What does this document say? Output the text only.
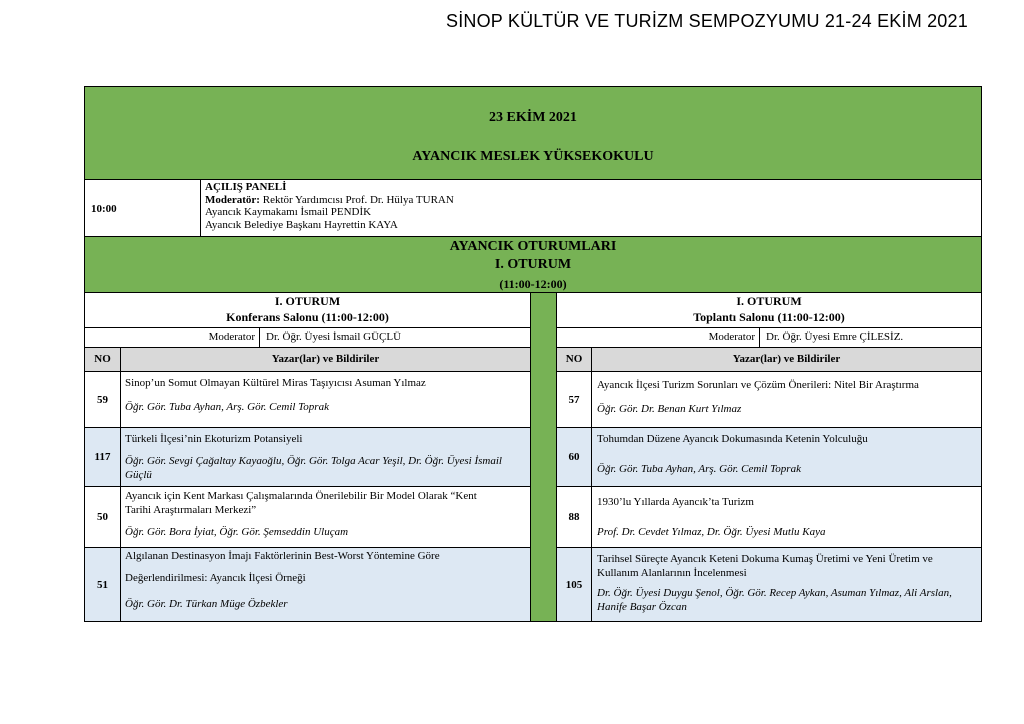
SİNOP KÜLTÜR VE TURİZM SEMPOZYUMU 21-24 EKİM 2021
23 EKİM 2021
AYANCIK MESLEK YÜKSEKOKULU
10:00
AÇILIŞ PANELİ
Moderatör: Rektör Yardımcısı Prof. Dr. Hülya TURAN
Ayancık Kaymakamı İsmail PENDİK
Ayancık Belediye Başkanı Hayrettin KAYA
AYANCIK OTURUMLARI
I. OTURUM
(11:00-12:00)
I. OTURUM
Konferans Salonu (11:00-12:00)
Moderator Dr. Öğr. Üyesi İsmail GÜÇLÜ
NO	Yazar(lar) ve Bildiriler
59
Sinop’un Somut Olmayan Kültürel Miras Taşıyıcısı Asuman Yılmaz
Öğr. Gör. Tuba Ayhan, Arş. Gör. Cemil Toprak
117
Türkeli İlçesi’nin Ekoturizm Potansiyeli
Öğr. Gör. Sevgi Çağaltay Kayaoğlu, Öğr. Gör. Tolga Acar Yeşil, Dr. Öğr. Üyesi İsmail Güçlü
50
Ayancık için Kent Markası Çalışmalarında Önerilebilir Bir Model Olarak “Kent Tarihi Araştırmaları Merkezi”
Öğr. Gör. Bora İyiat, Öğr. Gör. Şemseddin Uluçam
51
Algılanan Destinasyon İmajı Faktörlerinin Best-Worst Yöntemine Göre
Değerlendirilmesi: Ayancık İlçesi Örneği
Öğr. Gör. Dr. Türkan Müge Özbekler
I. OTURUM
Toplantı Salonu (11:00-12:00)
Moderator Dr. Öğr. Üyesi Emre ÇİLESİZ.
NO	Yazar(lar) ve Bildiriler
57
Ayancık İlçesi Turizm Sorunları ve Çözüm Önerileri: Nitel Bir Araştırma
Öğr. Gör. Dr. Benan Kurt Yılmaz
60
Tohumdan Düzene Ayancık Dokumasında Ketenin Yolculuğu
Öğr. Gör. Tuba Ayhan, Arş. Gör. Cemil Toprak
88
1930’lu Yıllarda Ayancık’ta Turizm
Prof. Dr. Cevdet Yılmaz, Dr. Öğr. Üyesi Mutlu Kaya
105
Tarihsel Süreçte Ayancık Keteni Dokuma Kumaş Üretimi ve Yeni Üretim ve Kullanım Alanlarının İncelenmesi
Dr. Öğr. Üyesi Duygu Şenol, Öğr. Gör. Recep Aykan, Asuman Yılmaz, Ali Arslan, Hanife Başar Özcan
